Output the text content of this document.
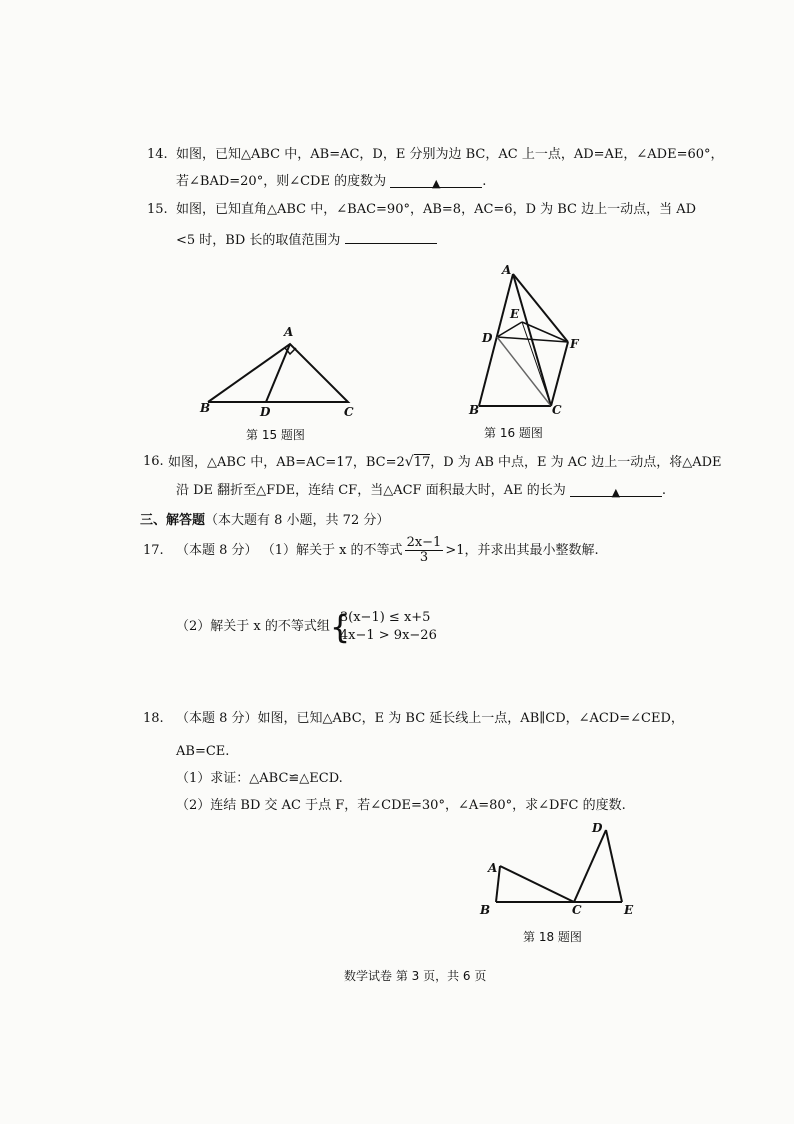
14. 如图，已知△ABC 中，AB=AC，D，E 分别为边 BC，AC 上一点，AD=AE，∠ADE=60°，
若∠BAD=20°，则∠CDE 的度数为	▲	.
15. 如图，已知直角△ABC 中，∠BAC=90°，AB=8，AC=6，D 为 BC 边上一动点，当 AD
<5 时，BD 长的取值范围为
A
B	D	C
第 15 题图
A
E
D	F
B	C
第 16 题图
16. 如图，△ABC 中，AB=AC=17，BC=2√17，D 为 AB 中点，E 为 AC 边上一动点，将△ADE
沿 DE 翻折至△FDE，连结 CF，当△ACF 面积最大时，AE 的长为	▲	.
三、解答题（本大题有 8 小题，共 72 分）
17. （本题 8 分） （1）解关于 x 的不等式 $\frac{2x-1}{3} >1$，并求出其最小整数解.
（2）解关于 x 的不等式组 {
3(x−1) ≤ x+5
4x−1 > 9x−26
18. （本题 8 分）如图，已知△ABC，E 为 BC 延长线上一点，AB∥CD，∠ACD=∠CED，
AB=CE.
（1）求证：△ABC≌△ECD.
（2）连结 BD 交 AC 于点 F，若∠CDE=30°，∠A=80°，求∠DFC 的度数.
A
B	C
D
E
第 18 题图
数学试卷 第 3 页，共 6 页
